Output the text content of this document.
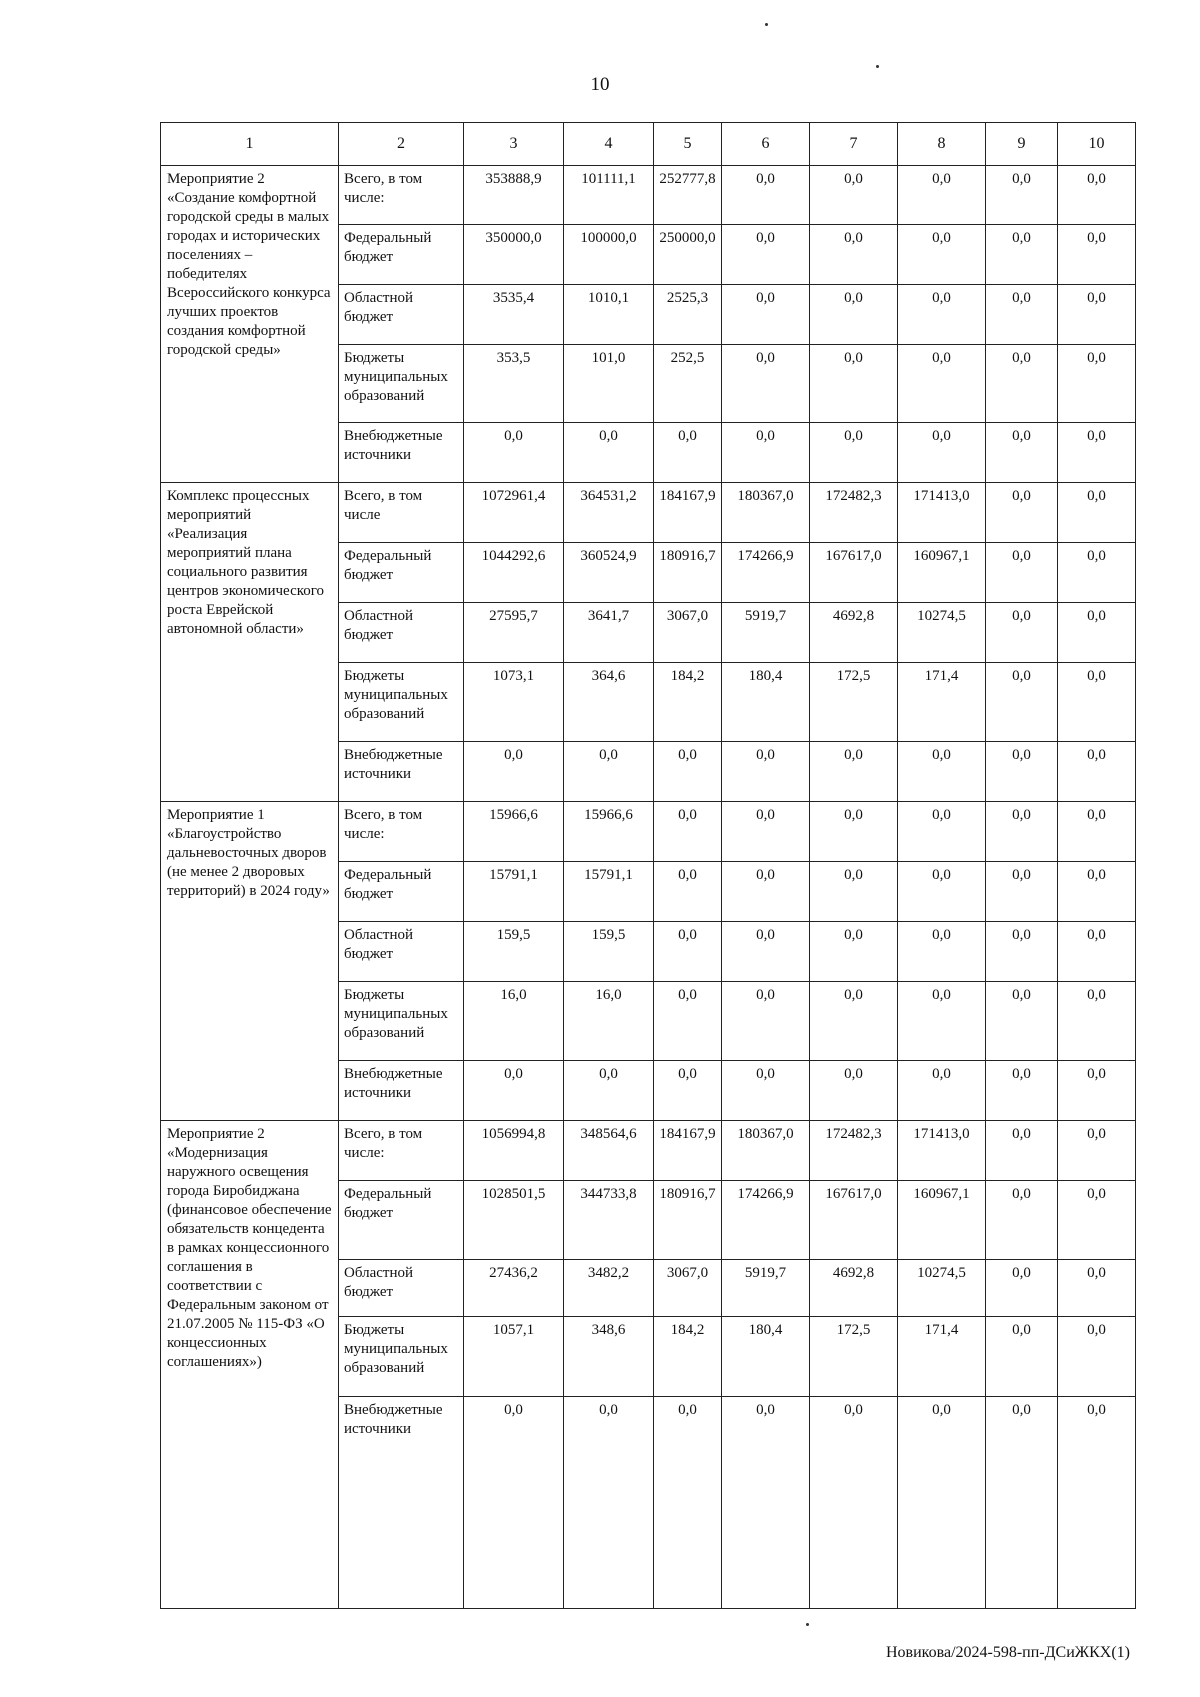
10
1	2	3	4	5	6	7	8	9	10
Мероприятие 2 «Создание комфортной городской среды в малых городах и исторических поселениях – победителях Всероссийского конкурса лучших проектов создания комфортной городской среды»	Всего, в том числе:	353888,9	101111,1	252777,8	0,0	0,0	0,0	0,0	0,0
	Федеральный бюджет	350000,0	100000,0	250000,0	0,0	0,0	0,0	0,0	0,0
	Областной бюджет	3535,4	1010,1	2525,3	0,0	0,0	0,0	0,0	0,0
	Бюджеты муниципальных образований	353,5	101,0	252,5	0,0	0,0	0,0	0,0	0,0
	Внебюджетные источники	0,0	0,0	0,0	0,0	0,0	0,0	0,0	0,0
Комплекс процессных мероприятий «Реализация мероприятий плана социального развития центров экономического роста Еврейской автономной области»	Всего, в том числе	1072961,4	364531,2	184167,9	180367,0	172482,3	171413,0	0,0	0,0
	Федеральный бюджет	1044292,6	360524,9	180916,7	174266,9	167617,0	160967,1	0,0	0,0
	Областной бюджет	27595,7	3641,7	3067,0	5919,7	4692,8	10274,5	0,0	0,0
	Бюджеты муниципальных образований	1073,1	364,6	184,2	180,4	172,5	171,4	0,0	0,0
	Внебюджетные источники	0,0	0,0	0,0	0,0	0,0	0,0	0,0	0,0
Мероприятие 1 «Благоустройство дальневосточных дворов (не менее 2 дворовых территорий) в 2024 году»	Всего, в том числе:	15966,6	15966,6	0,0	0,0	0,0	0,0	0,0	0,0
	Федеральный бюджет	15791,1	15791,1	0,0	0,0	0,0	0,0	0,0	0,0
	Областной бюджет	159,5	159,5	0,0	0,0	0,0	0,0	0,0	0,0
	Бюджеты муниципальных образований	16,0	16,0	0,0	0,0	0,0	0,0	0,0	0,0
	Внебюджетные источники	0,0	0,0	0,0	0,0	0,0	0,0	0,0	0,0
Мероприятие 2 «Модернизация наружного освещения города Биробиджана (финансовое обеспечение обязательств концедента в рамках концессионного соглашения в соответствии с Федеральным законом от 21.07.2005 № 115-ФЗ «О концессионных соглашениях»)	Всего, в том числе:	1056994,8	348564,6	184167,9	180367,0	172482,3	171413,0	0,0	0,0
	Федеральный бюджет	1028501,5	344733,8	180916,7	174266,9	167617,0	160967,1	0,0	0,0
	Областной бюджет	27436,2	3482,2	3067,0	5919,7	4692,8	10274,5	0,0	0,0
	Бюджеты муниципальных образований	1057,1	348,6	184,2	180,4	172,5	171,4	0,0	0,0
	Внебюджетные источники	0,0	0,0	0,0	0,0	0,0	0,0	0,0	0,0
Новикова/2024-598-пп-ДСиЖКХ(1)
